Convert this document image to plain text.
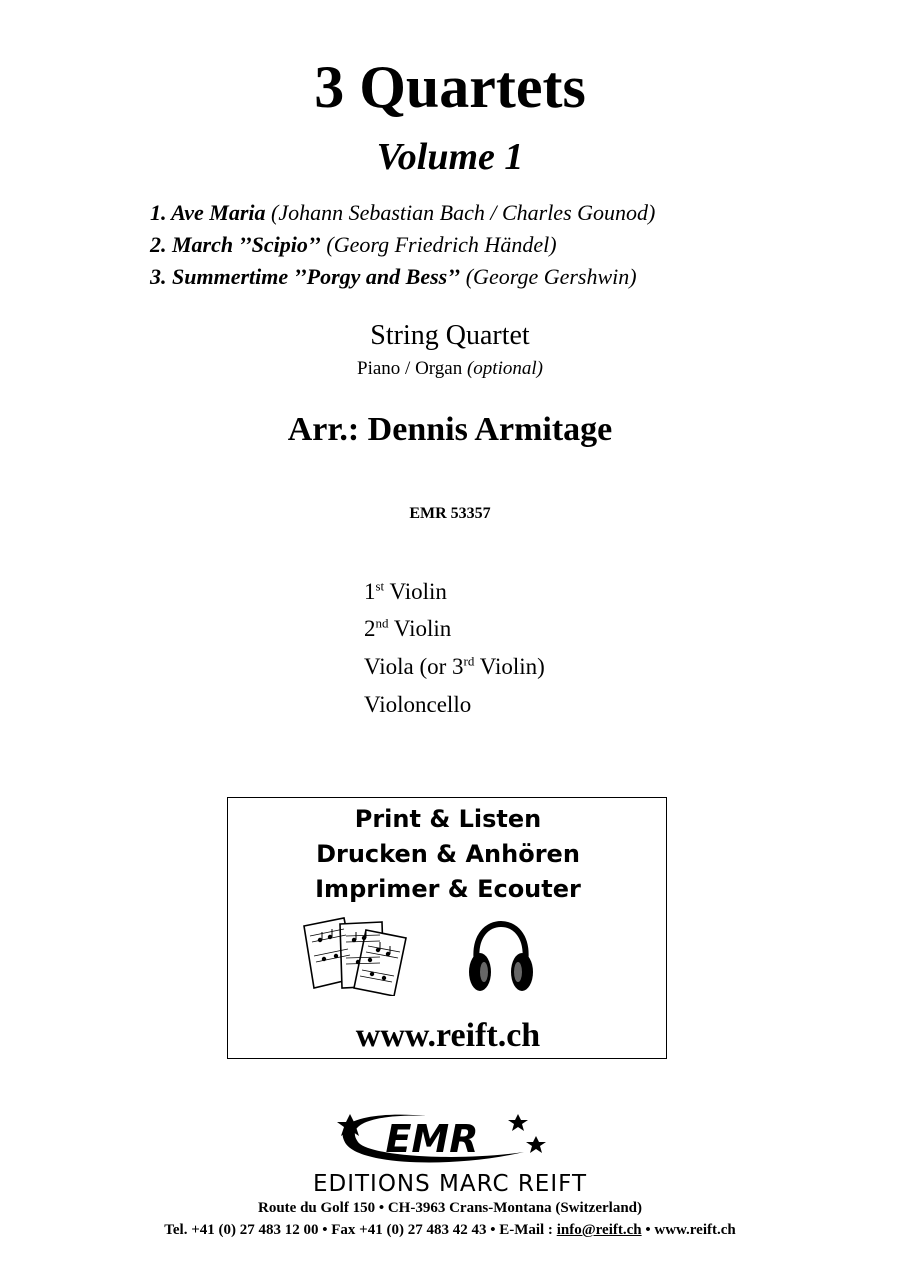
3 Quartets
Volume 1
1. Ave Maria (Johann Sebastian Bach / Charles Gounod)
2. March ’’Scipio’’ (Georg Friedrich Händel)
3. Summertime ’’Porgy and Bess’’ (George Gershwin)
String Quartet
Piano / Organ (optional)
Arr.: Dennis Armitage
EMR 53357
1st Violin
2nd Violin
Viola (or 3rd Violin)
Violoncello
Print & Listen
Drucken & Anhören
Imprimer & Ecouter
www.reift.ch
EMR
EDITIONS MARC REIFT
Route du Golf 150 • CH-3963 Crans-Montana (Switzerland)
Tel. +41 (0) 27 483 12 00 • Fax +41 (0) 27 483 42 43 • E-Mail : info@reift.ch • www.reift.ch
